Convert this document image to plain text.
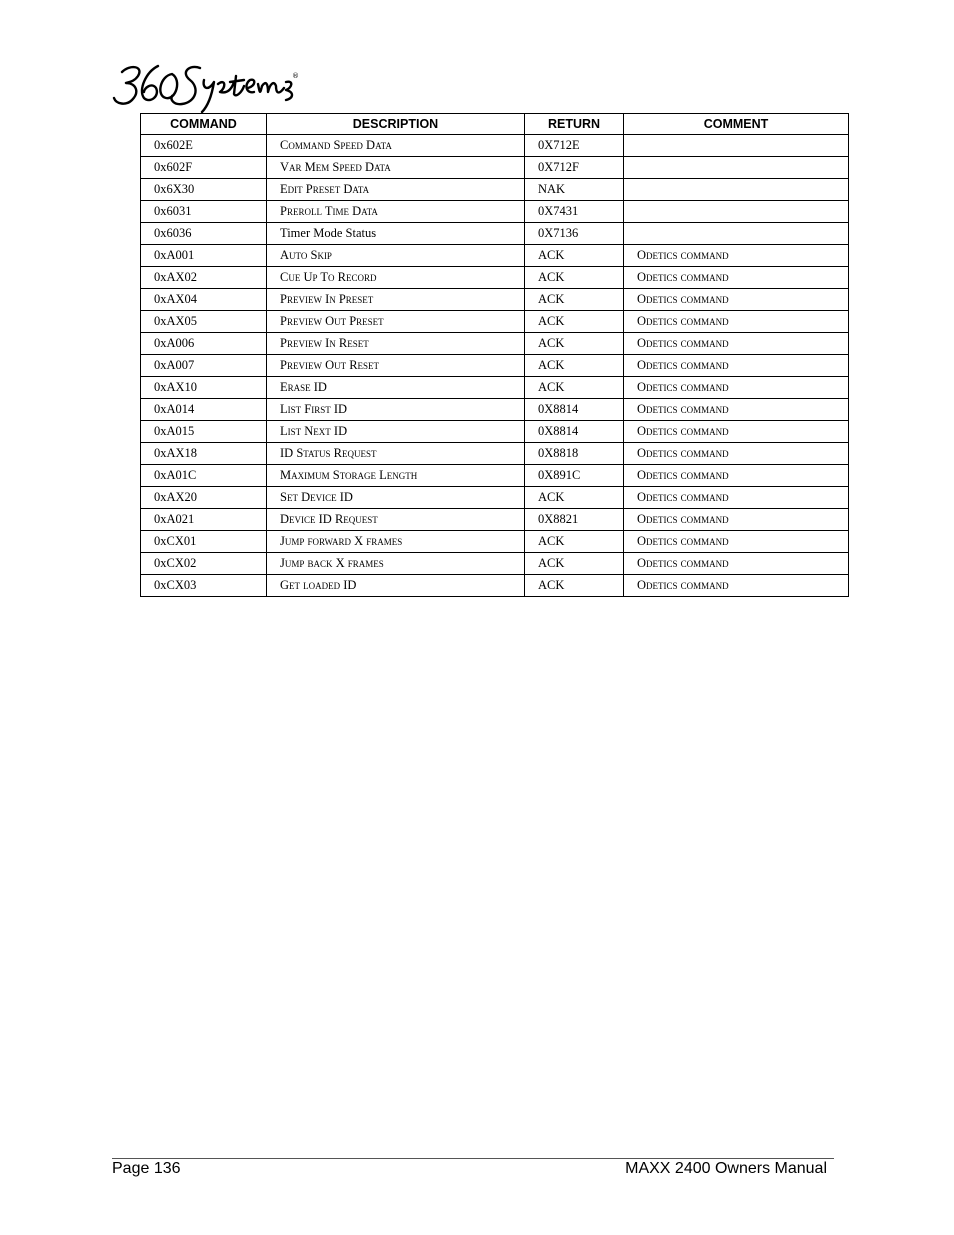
®
COMMAND	DESCRIPTION	RETURN	COMMENT
0x602E	Command Speed Data	0X712E	
0x602F	Var Mem Speed Data	0X712F	
0x6X30	Edit Preset Data	NAK	
0x6031	Preroll Time Data	0X7431	
0x6036	Timer Mode Status	0X7136	
0xA001	Auto Skip	ACK	Odetics command
0xAX02	Cue Up To Record	ACK	Odetics command
0xAX04	Preview In Preset	ACK	Odetics command
0xAX05	Preview Out Preset	ACK	Odetics command
0xA006	Preview In Reset	ACK	Odetics command
0xA007	Preview Out Reset	ACK	Odetics command
0xAX10	Erase ID	ACK	Odetics command
0xA014	List First ID	0X8814	Odetics command
0xA015	List Next ID	0X8814	Odetics command
0xAX18	ID Status Request	0X8818	Odetics command
0xA01C	Maximum Storage Length	0X891C	Odetics command
0xAX20	Set Device ID	ACK	Odetics command
0xA021	Device ID Request	0X8821	Odetics command
0xCX01	Jump forward X frames	ACK	Odetics command
0xCX02	Jump back X frames	ACK	Odetics command
0xCX03	Get loaded ID	ACK	Odetics command
Page 136	MAXX 2400 Owners Manual
